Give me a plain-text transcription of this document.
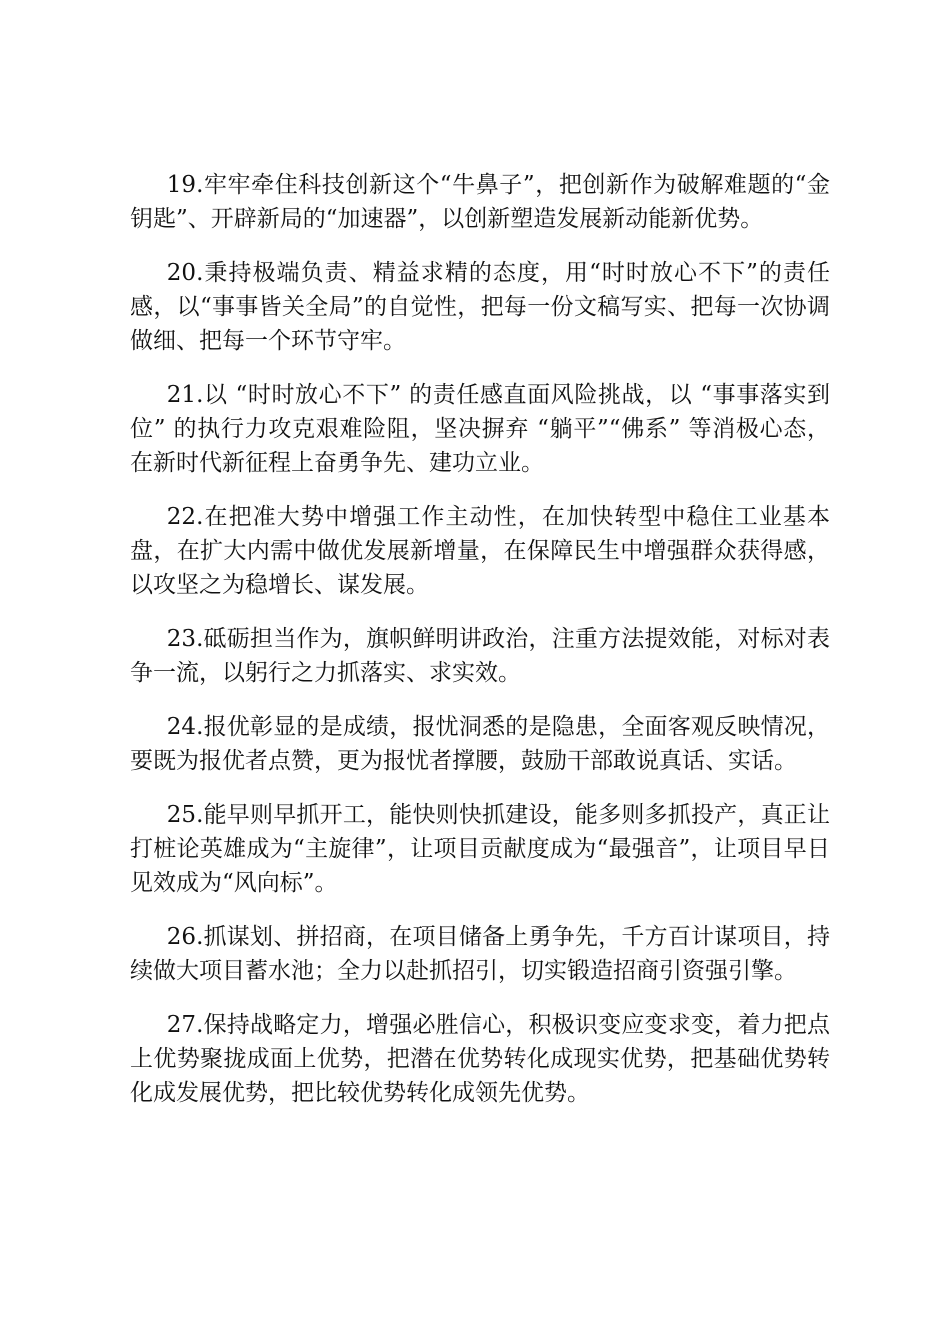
19.牢牢牵住科技创新这个“牛鼻子”，把创新作为破解难题的“金钥匙”、开辟新局的“加速器”，以创新塑造发展新动能新优势。

20.秉持极端负责、精益求精的态度，用“时时放心不下”的责任感，以“事事皆关全局”的自觉性，把每一份文稿写实、把每一次协调做细、把每一个环节守牢。

21.以 “时时放心不下” 的责任感直面风险挑战，以 “事事落实到位” 的执行力攻克艰难险阻，坚决摒弃 “躺平”“佛系” 等消极心态，在新时代新征程上奋勇争先、建功立业。

22.在把准大势中增强工作主动性，在加快转型中稳住工业基本盘，在扩大内需中做优发展新增量，在保障民生中增强群众获得感，以攻坚之为稳增长、谋发展。

23.砥砺担当作为，旗帜鲜明讲政治，注重方法提效能，对标对表争一流，以躬行之力抓落实、求实效。

24.报优彰显的是成绩，报忧洞悉的是隐患，全面客观反映情况，要既为报优者点赞，更为报忧者撑腰，鼓励干部敢说真话、实话。

25.能早则早抓开工，能快则快抓建设，能多则多抓投产，真正让打桩论英雄成为“主旋律”，让项目贡献度成为“最强音”，让项目早日见效成为“风向标”。

26.抓谋划、拼招商，在项目储备上勇争先，千方百计谋项目，持续做大项目蓄水池；全力以赴抓招引，切实锻造招商引资强引擎。

27.保持战略定力，增强必胜信心，积极识变应变求变，着力把点上优势聚拢成面上优势，把潜在优势转化成现实优势，把基础优势转化成发展优势，把比较优势转化成领先优势。
